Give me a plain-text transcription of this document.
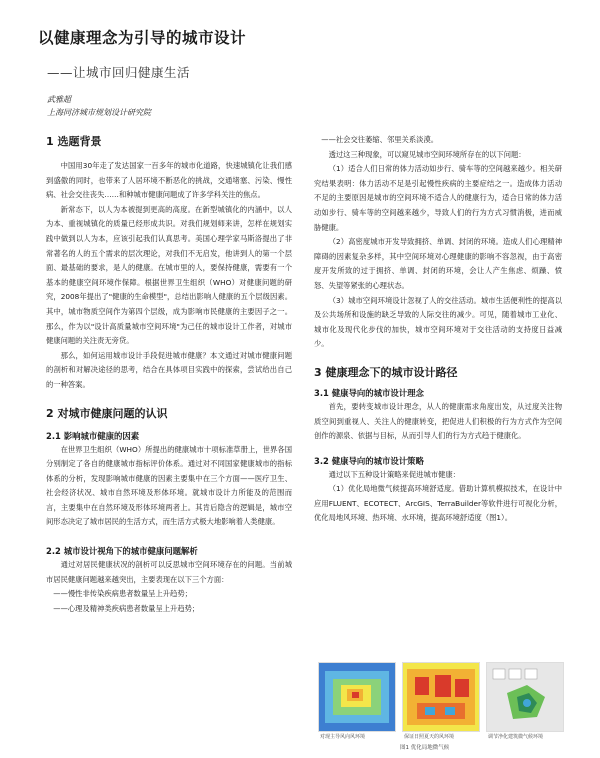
以健康理念为引导的城市设计
——让城市回归健康生活
武雅超
上海同济城市规划设计研究院
1 选题背景

中国用30年走了发达国家一百多年的城市化道路，快速城镇化让我们感到盛傲的同时，也带来了人居环境不断恶化的挑战，交通堵塞、污染、慢性病、社会交往丧失……和种城市健康问题成了许多学科关注的焦点。

新常态下，以人为本被提到更高的高度。在新型城镇化的内涵中，以人为本、重视城镇化的质量已经形成共识。对我们规划师来讲，怎样在规划实践中做到以人为本，应该引起我们认真思考。美国心理学家马斯洛提出了非常著名的人的五个需求的层次理论，对我们不无启发，他讲到人的第一个层面、最基础的要求，是人的健康。在城市里的人，要保持健康，需要有一个基本的健康空间环境作保障。根据世界卫生组织（WHO）对健康问题的研究，2008年提出了"健康的生命模型"，总结出影响人健康的五个层级因素。其中，城市物质空间作为第四个层级，成为影响市民健康的主要因子之一。那么，作为以"设计高质量城市空间环境"为己任的城市设计工作者，对城市健康问题的关注责无旁贷。

那么，如何运用城市设计手段促进城市健康？本文通过对城市健康问题的剖析和对解决途径的思考，结合在具体项目实践中的探索，尝试给出自己的一种答案。

2 对城市健康问题的认识
2.1 影响城市健康的因素

在世界卫生组织（WHO）所提出的健康城市十项标准草册上，世界各国分别制定了各自的健康城市指标评价体系。通过对不同国家健康城市的指标体系的分析，发现影响城市健康的因素主要集中在三个方面——医疗卫生、社会经济状况、城市自然环境及形体环境。就城市设计力所能及的范围而言，主要集中在自然环境及形体环境两者上。其肯后隐含的逻辑是，城市空间形态决定了城市居民的生活方式，而生活方式极大地影响着人类健康。

2.2 城市设计视角下的城市健康问题解析

通过对居民健康状况的剖析可以反思城市空间环境存在的问题。当前城市居民健康问题越来越突出，主要表现在以下三个方面：

——慢性非传染疾病患者数量呈上升趋势；
——心理及精神类疾病患者数量呈上升趋势；
——社会交往萎缩、邻里关系淡漠。

透过这三种现象，可以窥见城市空间环境所存在的以下问题：

（1）适合人们日常的体力活动如步行、骑车等的空间越来越少。相关研究结果表明：体力活动不足是引起慢性疾病的主要症结之一。造成体力活动不足的主要原因是城市的空间环境不适合人的健康行为，适合日常的体力活动如步行、骑车等的空间越来越少，导致人们的行为方式习惯消极，进而威胁健康。

（2）高密度城市开发导致拥挤、单调、封闭的环境。造成人们心理精神障碍的因素复杂多样，其中空间环境对心理健康的影响不容忽视，由于高密度开发所致的过于拥挤、单调、封闭的环境，会让人产生焦虑、烦躁、愤怒、失望等紧张的心理状态。

（3）城市空间环境设计忽视了人的交往活动。城市生活便利性的提高以及公共场所和设施的缺乏导致的人际交往的减少。可见，随着城市工业化、城市化及现代化步伐的加快，城市空间环境对于交往活动的支持度日益减少。

3 健康理念下的城市设计路径
3.1 健康导向的城市设计理念

首先，要转变城市设计理念，从人的健康需求角度出发，从过度关注物质空间到重视人、关注人的健康转变，把促进人们积极的行为方式作为空间创作的源泉、依据与目标，从而引导人们的行为方式趋于健康化。

3.2 健康导向的城市设计策略

通过以下五种设计策略来促进城市健康：

（1）优化局地微气候提高环境舒适度。借助计算机模拟技术，在设计中应用FLUENT、ECOTECT、ArcGIS、TerraBuilder等软件进行可视化分析，优化局地风环境、热环境、水环境，提高环境舒适度（图1）。

对现主导风向风环境	保证日照夏天的风环境	调节净化建筑微气候环境
图1 优化局地微气候
